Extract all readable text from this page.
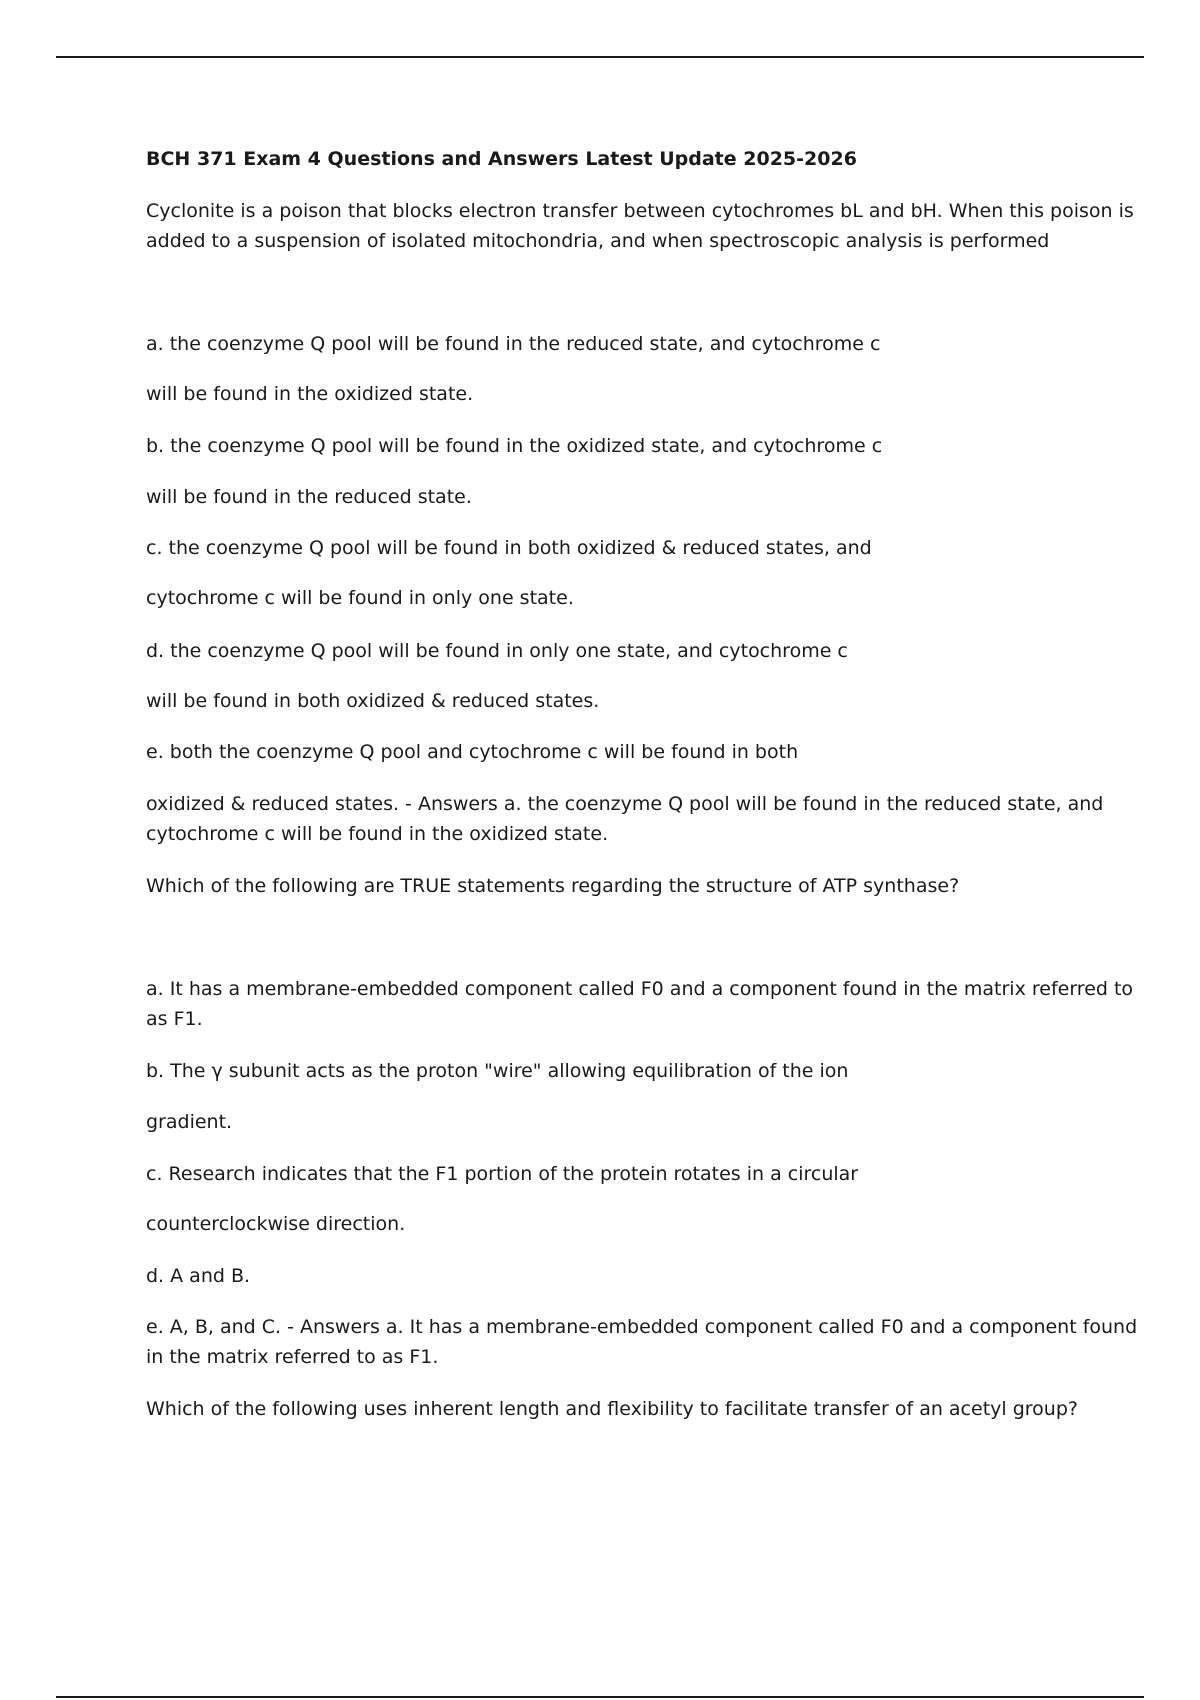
BCH 371 Exam 4 Questions and Answers Latest Update 2025-2026

Cyclonite is a poison that blocks electron transfer between cytochromes bL and bH. When this poison is

added to a suspension of isolated mitochondria, and when spectroscopic analysis is performed

a. the coenzyme Q pool will be found in the reduced state, and cytochrome c

will be found in the oxidized state.

b. the coenzyme Q pool will be found in the oxidized state, and cytochrome c

will be found in the reduced state.

c. the coenzyme Q pool will be found in both oxidized & reduced states, and

cytochrome c will be found in only one state.

d. the coenzyme Q pool will be found in only one state, and cytochrome c

will be found in both oxidized & reduced states.

e. both the coenzyme Q pool and cytochrome c will be found in both

oxidized & reduced states. - Answers a. the coenzyme Q pool will be found in the reduced state, and

cytochrome c will be found in the oxidized state.

Which of the following are TRUE statements regarding the structure of ATP synthase?

a. It has a membrane-embedded component called F0 and a component found in the matrix referred to

as F1.

b. The γ subunit acts as the proton "wire" allowing equilibration of the ion

gradient.

c. Research indicates that the F1 portion of the protein rotates in a circular

counterclockwise direction.

d. A and B.

e. A, B, and C. - Answers a. It has a membrane-embedded component called F0 and a component found

in the matrix referred to as F1.

Which of the following uses inherent length and flexibility to facilitate transfer of an acetyl group?
